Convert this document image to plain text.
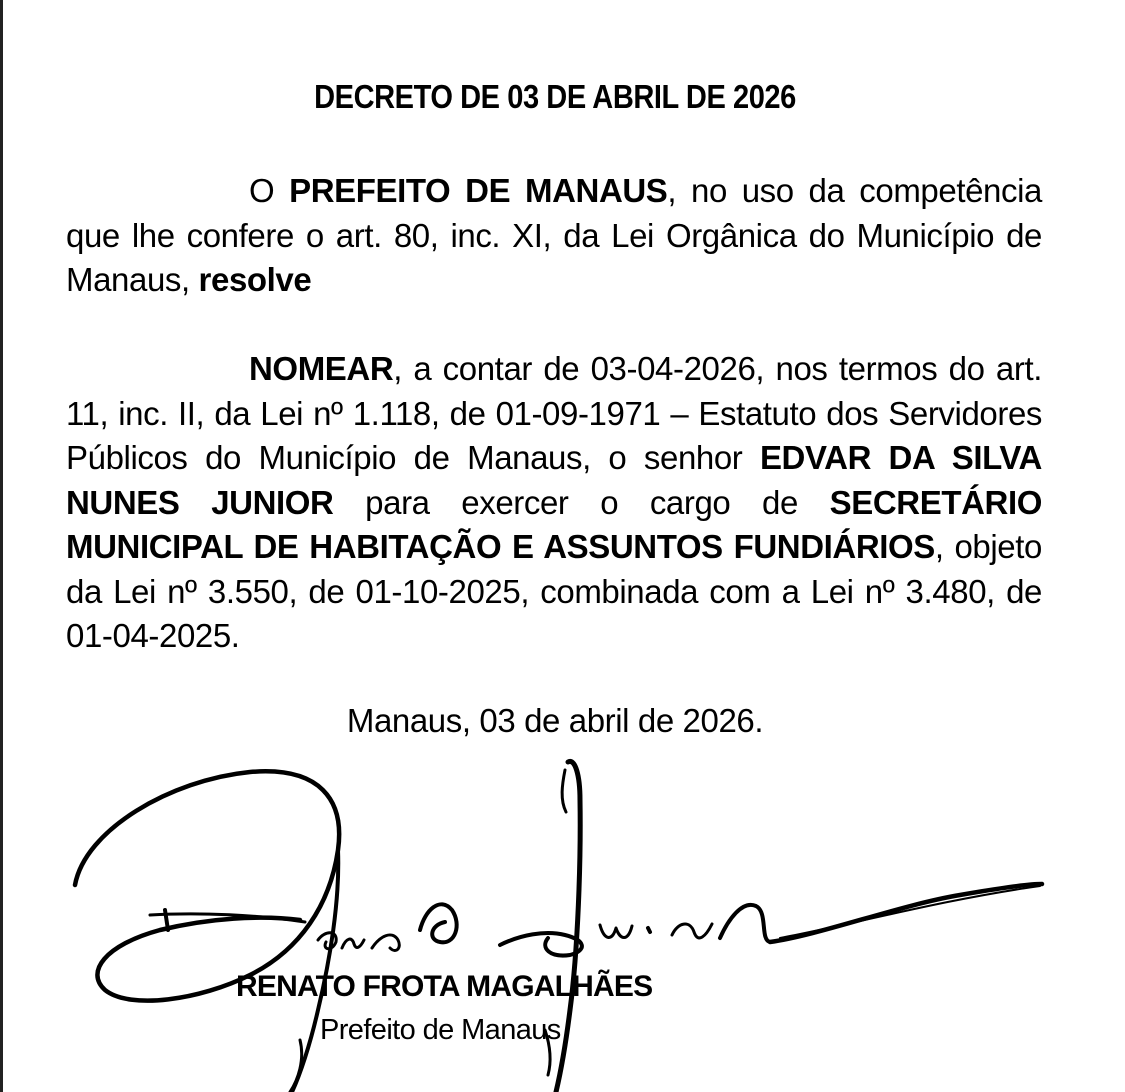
DECRETO DE 03 DE ABRIL DE 2026

O PREFEITO DE MANAUS, no uso da competência que lhe confere o art. 80, inc. XI, da Lei Orgânica do Município de Manaus, resolve

NOMEAR, a contar de 03-04-2026, nos termos do art. 11, inc. II, da Lei nº 1.118, de 01-09-1971 – Estatuto dos Servidores Públicos do Município de Manaus, o senhor EDVAR DA SILVA NUNES JUNIOR para exercer o cargo de SECRETÁRIO MUNICIPAL DE HABITAÇÃO E ASSUNTOS FUNDIÁRIOS, objeto da Lei nº 3.550, de 01-10-2025, combinada com a Lei nº 3.480, de 01-04-2025.

Manaus, 03 de abril de 2026.
RENATO FROTA MAGALHÃES
Prefeito de Manaus
